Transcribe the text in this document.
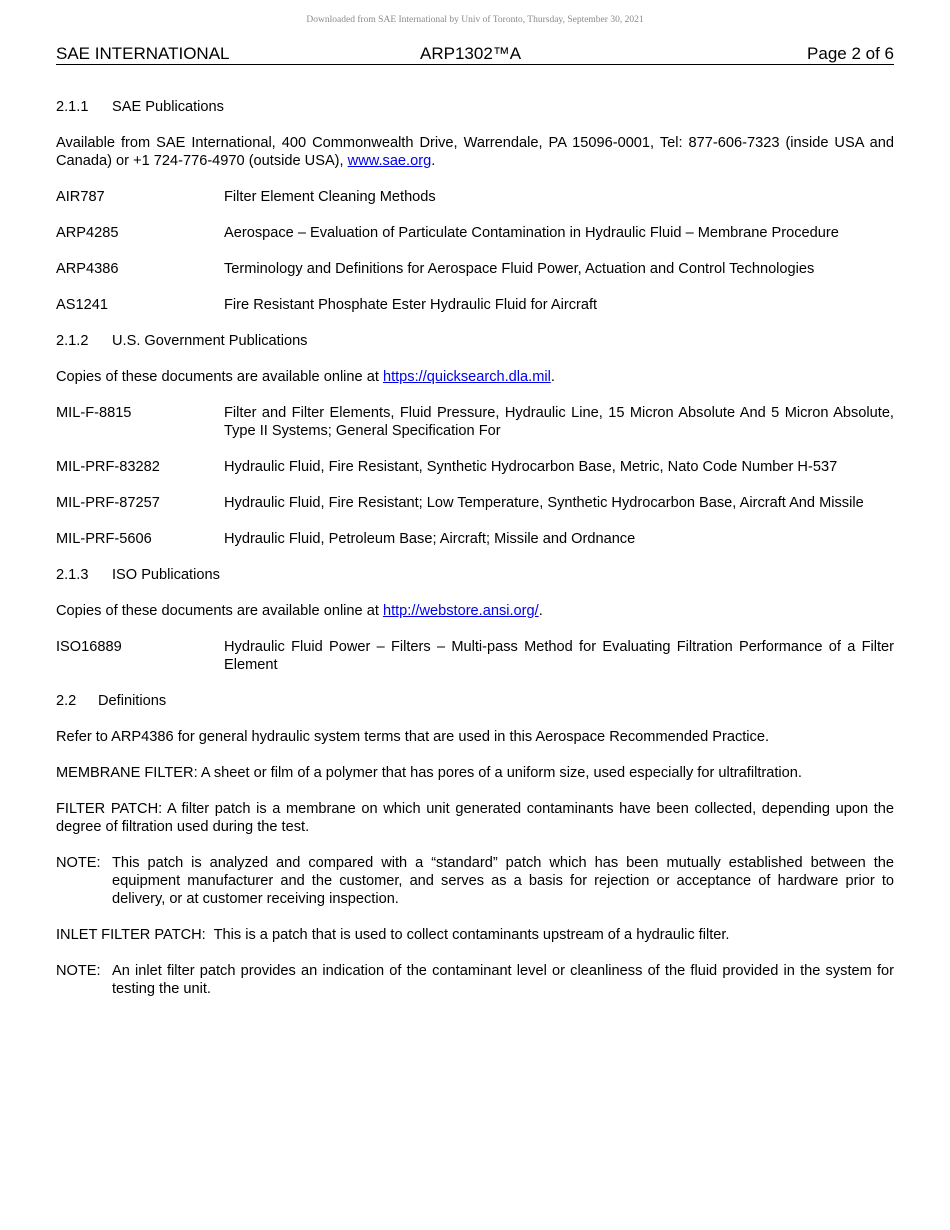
Downloaded from SAE International by Univ of Toronto, Thursday, September 30, 2021
SAE INTERNATIONAL	ARP1302™A	Page 2 of 6
2.1.1 SAE Publications

Available from SAE International, 400 Commonwealth Drive, Warrendale, PA 15096-0001, Tel: 877-606-7323 (inside USA and Canada) or +1 724-776-4970 (outside USA), www.sae.org.

AIR787	Filter Element Cleaning Methods
ARP4285	Aerospace – Evaluation of Particulate Contamination in Hydraulic Fluid – Membrane Procedure
ARP4386	Terminology and Definitions for Aerospace Fluid Power, Actuation and Control Technologies
AS1241	Fire Resistant Phosphate Ester Hydraulic Fluid for Aircraft
2.1.2 U.S. Government Publications

Copies of these documents are available online at https://quicksearch.dla.mil.

MIL-F-8815	Filter and Filter Elements, Fluid Pressure, Hydraulic Line, 15 Micron Absolute And 5 Micron Absolute, Type II Systems; General Specification For
MIL-PRF-83282	Hydraulic Fluid, Fire Resistant, Synthetic Hydrocarbon Base, Metric, Nato Code Number H-537
MIL-PRF-87257	Hydraulic Fluid, Fire Resistant; Low Temperature, Synthetic Hydrocarbon Base, Aircraft And Missile
MIL-PRF-5606	Hydraulic Fluid, Petroleum Base; Aircraft; Missile and Ordnance
2.1.3 ISO Publications

Copies of these documents are available online at http://webstore.ansi.org/.

ISO16889	Hydraulic Fluid Power – Filters – Multi-pass Method for Evaluating Filtration Performance of a Filter Element
2.2 Definitions

Refer to ARP4386 for general hydraulic system terms that are used in this Aerospace Recommended Practice.

MEMBRANE FILTER: A sheet or film of a polymer that has pores of a uniform size, used especially for ultrafiltration.

FILTER PATCH: A filter patch is a membrane on which unit generated contaminants have been collected, depending upon the degree of filtration used during the test.

NOTE: This patch is analyzed and compared with a “standard” patch which has been mutually established between the equipment manufacturer and the customer, and serves as a basis for rejection or acceptance of hardware prior to delivery, or at customer receiving inspection.

INLET FILTER PATCH:  This is a patch that is used to collect contaminants upstream of a hydraulic filter.

NOTE: An inlet filter patch provides an indication of the contaminant level or cleanliness of the fluid provided in the system for testing the unit.
